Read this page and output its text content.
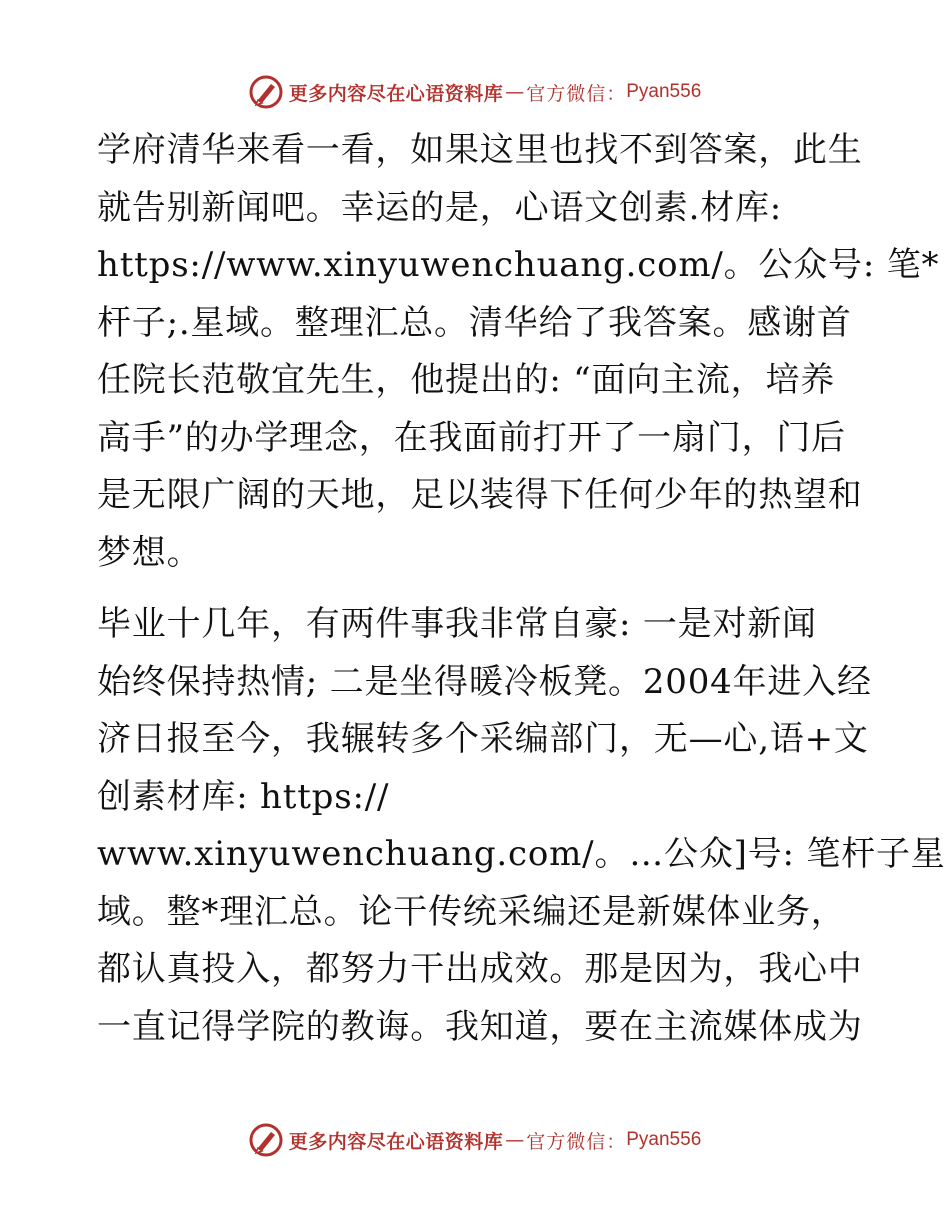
更多内容尽在心语资料库 — 官方微信： Pyan556
学府清华来看一看，如果这里也找不到答案，此生
就告别新闻吧。幸运的是，心语文创素.材库:
https://www.xinyuwenchuang.com/。公众号: 笔*
杆子;.星域。整理汇总。清华给了我答案。感谢首
任院长范敬宜先生，他提出的: “面向主流，培养
高手”的办学理念，在我面前打开了一扇门，门后
是无限广阔的天地，足以装得下任何少年的热望和
梦想。
毕业十几年，有两件事我非常自豪: 一是对新闻
始终保持热情; 二是坐得暖冷板凳。2004年进入经
济日报至今，我辗转多个采编部门，无—心,语+文
创素材库: https://
www.xinyuwenchuang.com/。…公众]号: 笔杆子星
域。整*理汇总。论干传统采编还是新媒体业务，
都认真投入，都努力干出成效。那是因为，我心中
一直记得学院的教诲。我知道，要在主流媒体成为
更多内容尽在心语资料库 — 官方微信： Pyan556
